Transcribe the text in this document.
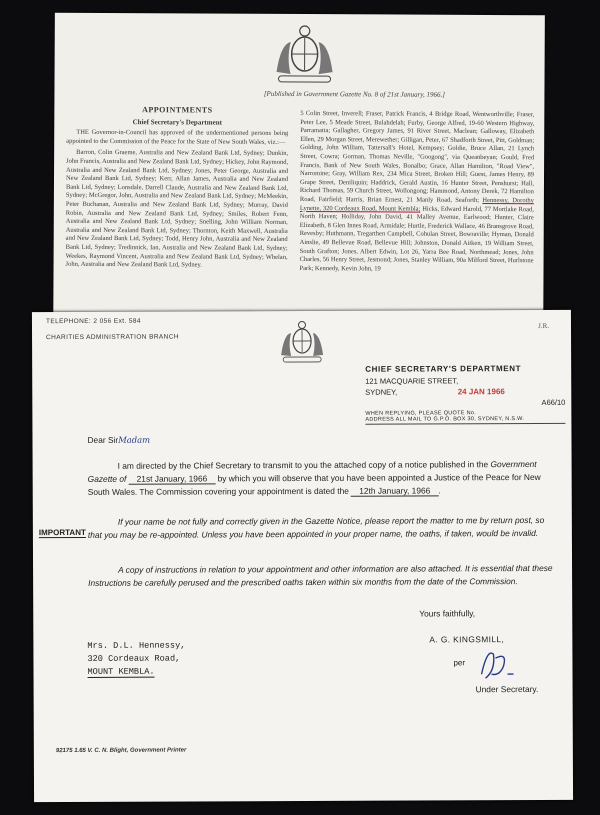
[Published in Government Gazette No. 8 of 21st January, 1966.]
APPOINTMENTS
Chief Secretary's Department

THE Governor-in-Council has approved of the undermentioned persons being appointed to the Commission of the Peace for the State of New South Wales, viz.:—

Barron, Colin Graeme, Australia and New Zealand Bank Ltd, Sydney; Dunkin, John Francis, Australia and New Zealand Bank Ltd, Sydney; Hickey, John Raymond, Australia and New Zealand Bank Ltd, Sydney; Jones, Peter George, Australia and New Zealand Bank Ltd, Sydney; Kerr, Allan James, Australia and New Zealand Bank Ltd, Sydney; Lonsdale, Darrell Claude, Australia and New Zealand Bank Ltd, Sydney; McGregor, John, Australia and New Zealand Bank Ltd, Sydney; McMeekin, Peter Buchanan, Australia and New Zealand Bank Ltd, Sydney; Murray, David Robin, Australia and New Zealand Bank Ltd, Sydney; Smiles, Robert Fenn, Australia and New Zealand Bank Ltd, Sydney; Snelling, John William Norman, Australia and New Zealand Bank Ltd, Sydney; Thornton, Keith Maxwell, Australia and New Zealand Bank Ltd, Sydney; Todd, Henry John, Australia and New Zealand Bank Ltd, Sydney; Tredinnick, Ian, Australia and New Zealand Bank Ltd, Sydney; Weekes, Raymond Vincent, Australia and New Zealand Bank Ltd, Sydney; Whelan, John, Australia and New Zealand Bank Ltd, Sydney.

5 Colin Street, Inverell; Fraser, Patrick Francis, 4 Bridge Road, Wentworthville; Fraser, Peter Lee, 5 Meade Street, Bulahdelah; Furby, George Alfred, 19-60 Western Highway, Parramatta; Gallagher, Gregory James, 91 River Street, Maclean; Galloway, Elizabeth Ellen, 29 Morgan Street, Merewether; Gilligan, Peter, 67 Shadforth Street, Pitt, Goldman; Golding, John William, Tattersall's Hotel, Kempsey; Goldie, Bruce Allan, 21 Lynch Street, Cowra; Gorman, Thomas Neville, "Googong", via Queanbeyan; Gould, Fred Francis, Bank of New South Wales, Bonalbo; Grace, Allan Hamilton, "Road View", Narromine; Gray, William Rex, 234 Mica Street, Broken Hill; Guest, James Henry, 89 Grape Street, Deniliquin; Haddrick, Gerald Austin, 16 Hunter Street, Penshurst; Hall, Richard Thomas, 59 Church Street, Wollongong; Hammond, Antony Derek, 72 Hamilton Road, Fairfield; Harris, Brian Ernest, 21 Manly Road, Seaforth; Hennessy, Dorothy Lynette, 320 Cordeaux Road, Mount Kembla; Hicks, Edward Harold, 77 Mortlake Road, North Haven; Holliday, John David, 41 Malley Avenue, Earlwood; Hunter, Claire Elizabeth, 8 Glen Innes Road, Armidale; Hurtle, Frederick Wallace, 46 Bransgrove Road, Revesby; Huthmann, Tregarthen Campbell, Cohulan Street, Bowraville; Hyman, Donald Ainslie, 49 Bellevue Road, Bellevue Hill; Johnston, Donald Aitken, 19 William Street, South Grafton; Jones, Albert Edwin, Lot 26, Yarra Bee Road, Northmead; Jones, John Charles, 56 Henry Street, Jesmond; Jones, Stanley William, 90a Milford Street, Hurlstone Park; Kennedy, Kevin John, 19
TELEPHONE: 2 056 Ext. 584
CHARITIES ADMINISTRATION BRANCH
J.R.
CHIEF SECRETARY'S DEPARTMENT
121 MACQUARIE STREET,
SYDNEY,	24 JAN 1966
A66/10
WHEN REPLYING, PLEASE QUOTE No.
ADDRESS ALL MAIL TO G.P.O. BOX 30, SYDNEY, N.S.W.
Dear SirMadam
I am directed by the Chief Secretary to transmit to you the attached copy of a notice published in the Government Gazette of 21st January, 1966 by which you will observe that you have been appointed a Justice of the Peace for New South Wales. The Commission covering your appointment is dated the 12th January, 1966 .
IMPORTANT
If your name be not fully and correctly given in the Gazette Notice, please report the matter to me by return post, so that you may be re-appointed. Unless you have been appointed in your proper name, the oaths, if taken, would be invalid.
A copy of instructions in relation to your appointment and other information are also attached. It is essential that these Instructions be carefully perused and the prescribed oaths taken within six months from the date of the Commission.
Mrs. D.L. Hennessy,
320 Cordeaux Road,
MOUNT KEMBLA.
Yours faithfully,
A. G. KINGSMILL,
per
Under Secretary.
92175 1.65 V. C. N. Blight, Government Printer
